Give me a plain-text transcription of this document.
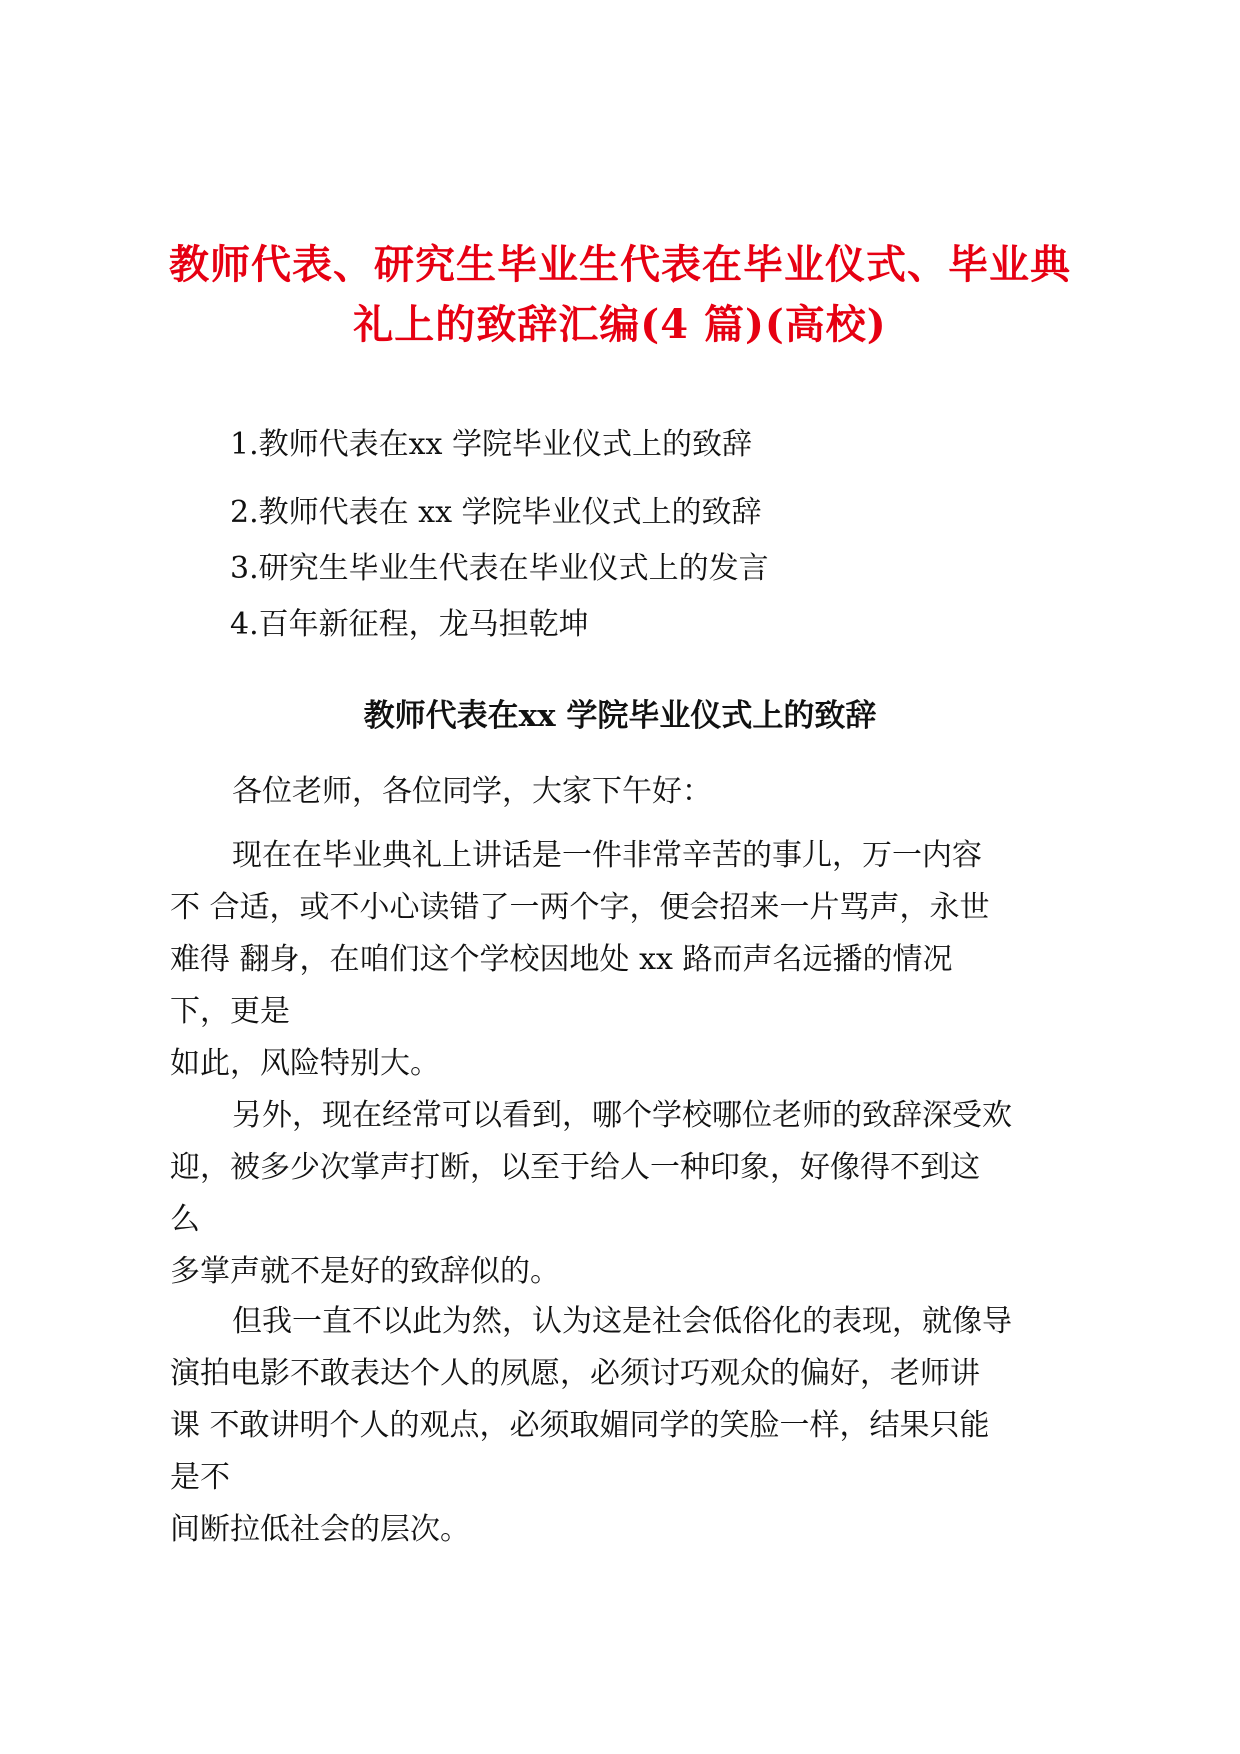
教师代表、研究生毕业生代表在毕业仪式、毕业典
礼上的致辞汇编(4 篇)(高校)
1.教师代表在xx 学院毕业仪式上的致辞
2.教师代表在 xx 学院毕业仪式上的致辞
3.研究生毕业生代表在毕业仪式上的发言
4.百年新征程，龙马担乾坤
教师代表在xx 学院毕业仪式上的致辞

各位老师，各位同学，大家下午好：

现在在毕业典礼上讲话是一件非常辛苦的事儿，万一内容
不 合适，或不小心读错了一两个字，便会招来一片骂声，永世
难得 翻身，在咱们这个学校因地处 xx 路而声名远播的情况
下，更是
如此，风险特别大。

另外，现在经常可以看到，哪个学校哪位老师的致辞深受欢
迎，被多少次掌声打断，以至于给人一种印象，好像得不到这
么
多掌声就不是好的致辞似的。

但我一直不以此为然，认为这是社会低俗化的表现，就像导
演拍电影不敢表达个人的夙愿，必须讨巧观众的偏好，老师讲
课 不敢讲明个人的观点，必须取媚同学的笑脸一样，结果只能
是不
间断拉低社会的层次。
